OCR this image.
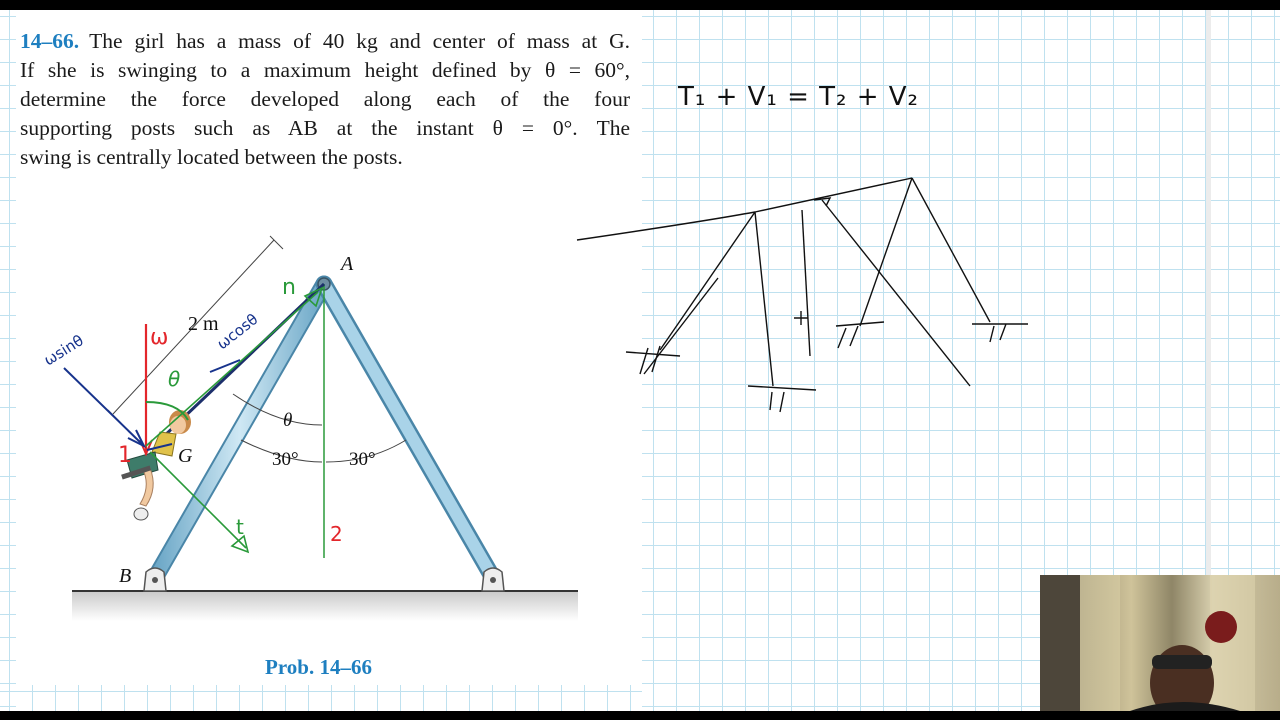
14–66. The girl has a mass of 40 kg and center of mass at G.
If she is swinging to a maximum height defined by θ = 60°,
determine the force developed along each of the four
supporting posts such as AB at the instant θ = 0°. The
swing is centrally located between the posts.
2 m
θ
30°	30°
A
B
G
ω
1
2
ωsinθ	ωcosθ
n
t
θ
Prob. 14–66
T₁ + V₁ = T₂ + V₂
